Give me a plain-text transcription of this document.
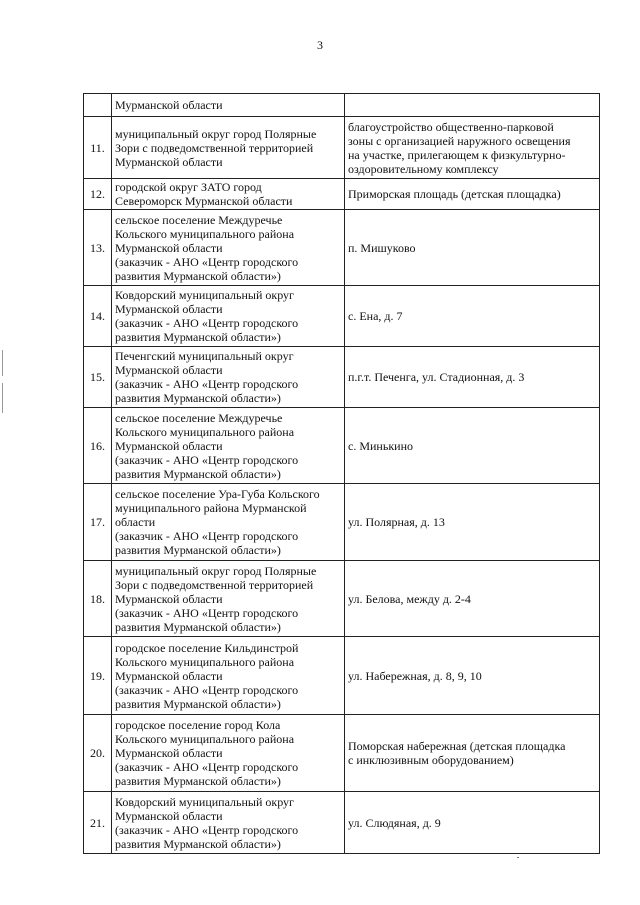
3
	Мурманской области	
11.	муниципальный округ город Полярные
Зори с подведомственной территорией
Мурманской области	благоустройство общественно-парковой
зоны с организацией наружного освещения
на участке, прилегающем к физкультурно-
оздоровительному комплексу
12.	городской округ ЗАТО город
Североморск Мурманской области	Приморская площадь (детская площадка)
13.	сельское поселение Междуречье
Кольского муниципального района
Мурманской области
(заказчик - АНО «Центр городского
развития Мурманской области»)	п. Мишуково
14.	Ковдорский муниципальный округ
Мурманской области
(заказчик - АНО «Центр городского
развития Мурманской области»)	с. Ена, д. 7
15.	Печенгский муниципальный округ
Мурманской области
(заказчик - АНО «Центр городского
развития Мурманской области»)	п.г.т. Печенга, ул. Стадионная, д. 3
16.	сельское поселение Междуречье
Кольского муниципального района
Мурманской области
(заказчик - АНО «Центр городского
развития Мурманской области»)	с. Минькино
17.	сельское поселение Ура-Губа Кольского
муниципального района Мурманской
области
(заказчик - АНО «Центр городского
развития Мурманской области»)	ул. Полярная, д. 13
18.	муниципальный округ город Полярные
Зори с подведомственной территорией
Мурманской области
(заказчик - АНО «Центр городского
развития Мурманской области»)	ул. Белова, между д. 2-4
19.	городское поселение Кильдинстрой
Кольского муниципального района
Мурманской области
(заказчик - АНО «Центр городского
развития Мурманской области»)	ул. Набережная, д. 8, 9, 10
20.	городское поселение город Кола
Кольского муниципального района
Мурманской области
(заказчик - АНО «Центр городского
развития Мурманской области»)	Поморская набережная (детская площадка
с инклюзивным оборудованием)
21.	Ковдорский муниципальный округ
Мурманской области
(заказчик - АНО «Центр городского
развития Мурманской области»)	ул. Слюдяная, д. 9
